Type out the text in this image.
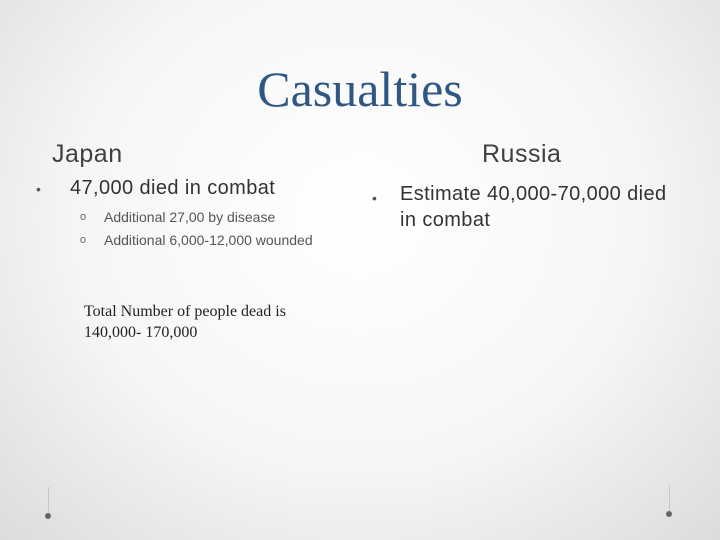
Casualties
Japan	Russia
•	47,000 died in combat
o	Additional 27,00 by disease
o	Additional 6,000-12,000 wounded
Total Number of people dead is 140,000- 170,000
•	Estimate 40,000-70,000 died in combat
